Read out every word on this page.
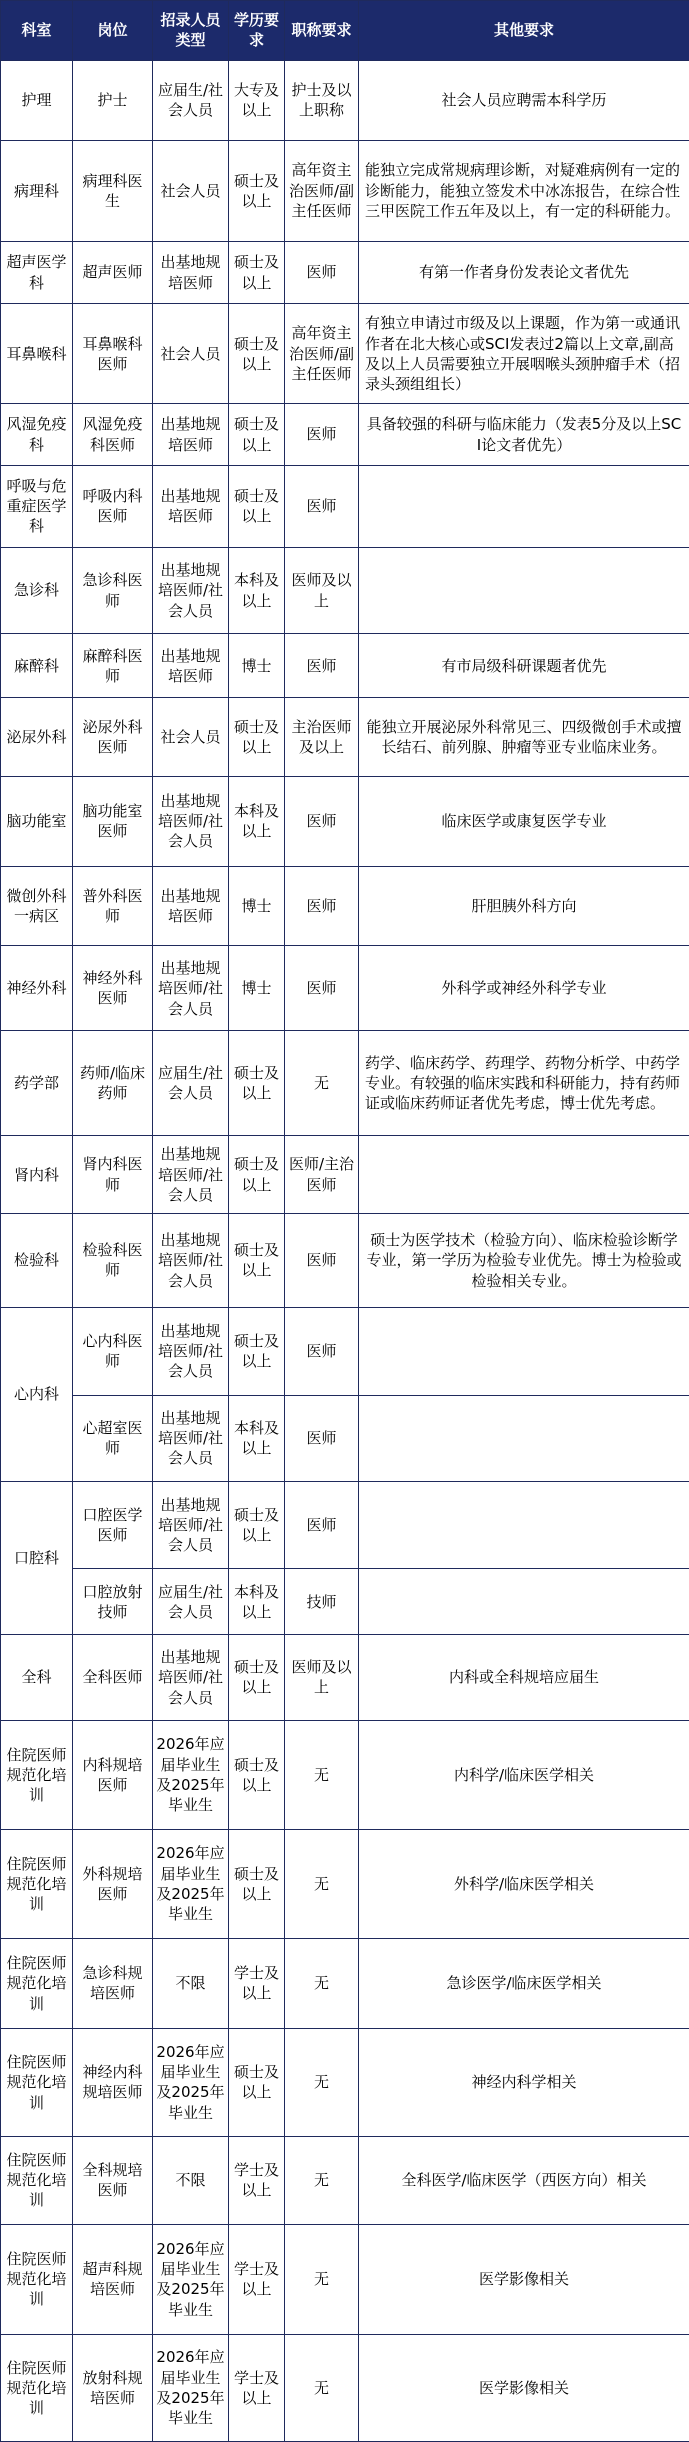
科室	岗位	招录人员类型	学历要求	职称要求	其他要求
护理	护士	应届生/社会人员	大专及以上	护士及以上职称	社会人员应聘需本科学历
病理科	病理科医生	社会人员	硕士及以上	高年资主治医师/副主任医师	能独立完成常规病理诊断，对疑难病例有一定的诊断能力，能独立签发术中冰冻报告，在综合性三甲医院工作五年及以上，有一定的科研能力。
超声医学科	超声医师	出基地规培医师	硕士及以上	医师	有第一作者身份发表论文者优先
耳鼻喉科	耳鼻喉科医师	社会人员	硕士及以上	高年资主治医师/副主任医师	有独立申请过市级及以上课题，作为第一或通讯作者在北大核心或SCI发表过2篇以上文章,副高及以上人员需要独立开展咽喉头颈肿瘤手术（招录头颈组组长）
风湿免疫科	风湿免疫科医师	出基地规培医师	硕士及以上	医师	具备较强的科研与临床能力（发表5分及以上SCI论文者优先）
呼吸与危重症医学科	呼吸内科医师	出基地规培医师	硕士及以上	医师	
急诊科	急诊科医师	出基地规培医师/社会人员	本科及以上	医师及以上	
麻醉科	麻醉科医师	出基地规培医师	博士	医师	有市局级科研课题者优先
泌尿外科	泌尿外科医师	社会人员	硕士及以上	主治医师及以上	能独立开展泌尿外科常见三、四级微创手术或擅长结石、前列腺、肿瘤等亚专业临床业务。
脑功能室	脑功能室医师	出基地规培医师/社会人员	本科及以上	医师	临床医学或康复医学专业
微创外科一病区	普外科医师	出基地规培医师	博士	医师	肝胆胰外科方向
神经外科	神经外科医师	出基地规培医师/社会人员	博士	医师	外科学或神经外科学专业
药学部	药师/临床药师	应届生/社会人员	硕士及以上	无	药学、临床药学、药理学、药物分析学、中药学专业。有较强的临床实践和科研能力，持有药师证或临床药师证者优先考虑，博士优先考虑。
肾内科	肾内科医师	出基地规培医师/社会人员	硕士及以上	医师/主治医师	
检验科	检验科医师	出基地规培医师/社会人员	硕士及以上	医师	硕士为医学技术（检验方向）、临床检验诊断学专业，第一学历为检验专业优先。博士为检验或检验相关专业。
心内科	心内科医师	出基地规培医师/社会人员	硕士及以上	医师	
	心超室医师	出基地规培医师/社会人员	本科及以上	医师	
口腔科	口腔医学医师	出基地规培医师/社会人员	硕士及以上	医师	
	口腔放射技师	应届生/社会人员	本科及以上	技师	
全科	全科医师	出基地规培医师/社会人员	硕士及以上	医师及以上	内科或全科规培应届生
住院医师规范化培训	内科规培医师	2026年应届毕业生及2025年毕业生	硕士及以上	无	内科学/临床医学相关
住院医师规范化培训	外科规培医师	2026年应届毕业生及2025年毕业生	硕士及以上	无	外科学/临床医学相关
住院医师规范化培训	急诊科规培医师	不限	学士及以上	无	急诊医学/临床医学相关
住院医师规范化培训	神经内科规培医师	2026年应届毕业生及2025年毕业生	硕士及以上	无	神经内科学相关
住院医师规范化培训	全科规培医师	不限	学士及以上	无	全科医学/临床医学（西医方向）相关
住院医师规范化培训	超声科规培医师	2026年应届毕业生及2025年毕业生	学士及以上	无	医学影像相关
住院医师规范化培训	放射科规培医师	2026年应届毕业生及2025年毕业生	学士及以上	无	医学影像相关
